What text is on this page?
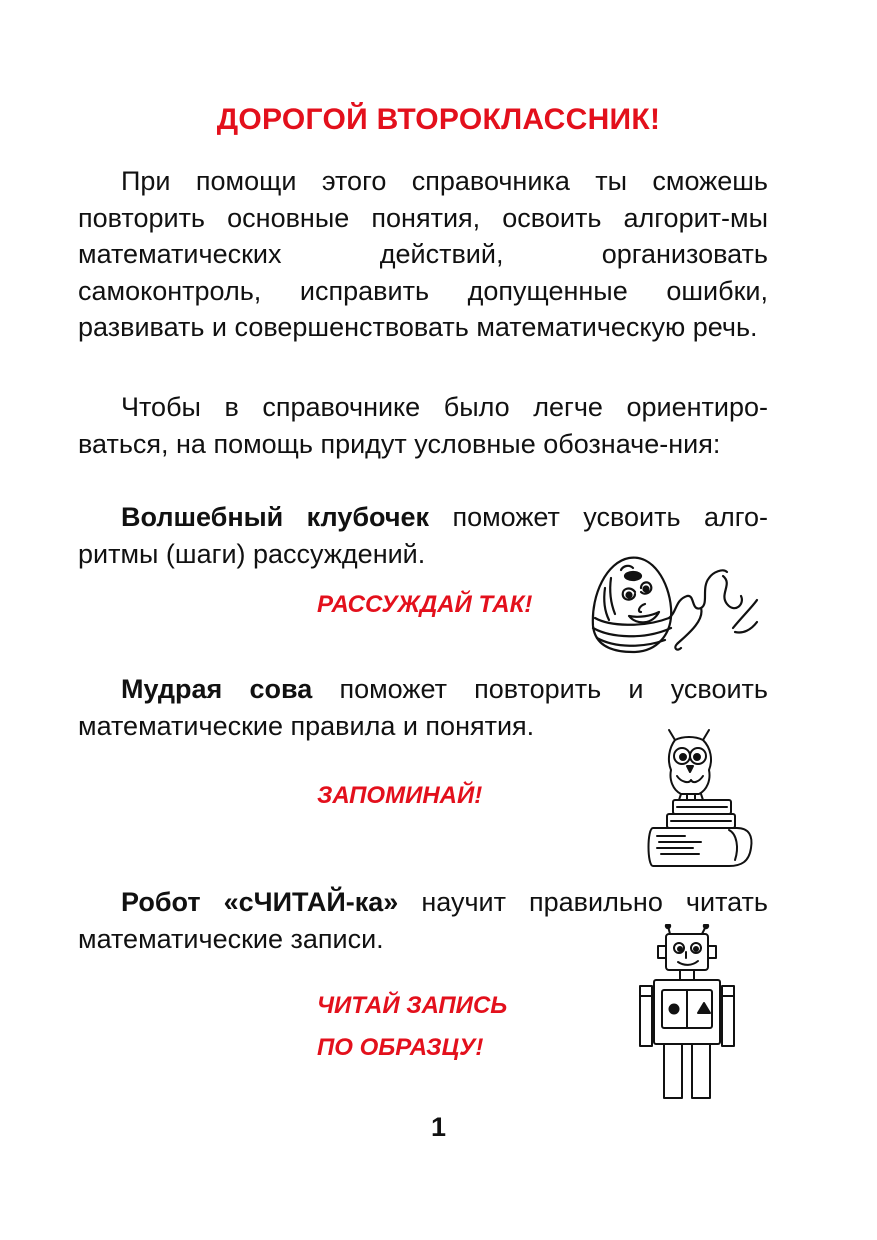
ДОРОГОЙ ВТОРОКЛАССНИК!

При помощи этого справочника ты сможешь повторить основные понятия, освоить алгорит-мы математических действий, организовать самоконтроль, исправить допущенные ошибки, развивать и совершенствовать математическую речь.

Чтобы в справочнике было легче ориентиро-ваться, на помощь придут условные обозначе-ния:

Волшебный клубочек поможет усвоить алго-ритмы (шаги) рассуждений.

РАССУЖДАЙ ТАК!

Мудрая сова поможет повторить и усвоить математические правила и понятия.

ЗАПОМИНАЙ!

Робот «сЧИТАЙ-ка» научит правильно читать математические записи.

ЧИТАЙ ЗАПИСЬ
ПО ОБРАЗЦУ!
1
